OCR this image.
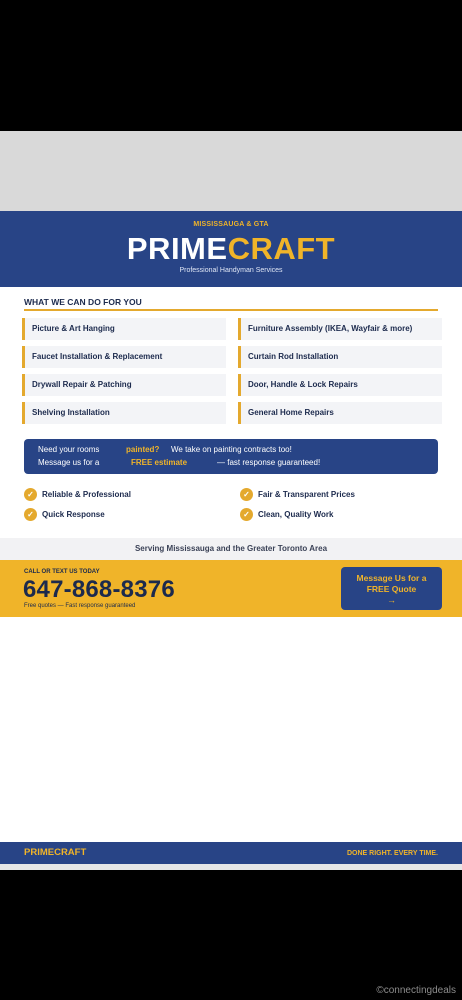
MISSISSAUGA & GTA
PRIMECRAFT
Professional Handyman Services
WHAT WE CAN DO FOR YOU
Picture & Art Hanging	Furniture Assembly (IKEA, Wayfair & more)
Faucet Installation & Replacement	Curtain Rod Installation
Drywall Repair & Patching	Door, Handle & Lock Repairs
Shelving Installation	General Home Repairs
Need your rooms	painted? We take on painting contracts too!
Message us for a	FREE estimate	— fast response guaranteed!
✓	Reliable & Professional	✓	Fair & Transparent Prices
✓	Quick Response	✓	Clean, Quality Work
Serving Mississauga and the Greater Toronto Area
CALL OR TEXT US TODAY
647-868-8376
Free quotes — Fast response guaranteed
Message Us for a
FREE Quote
→
PRIMECRAFT	DONE RIGHT. EVERY TIME.
©connectingdeals
